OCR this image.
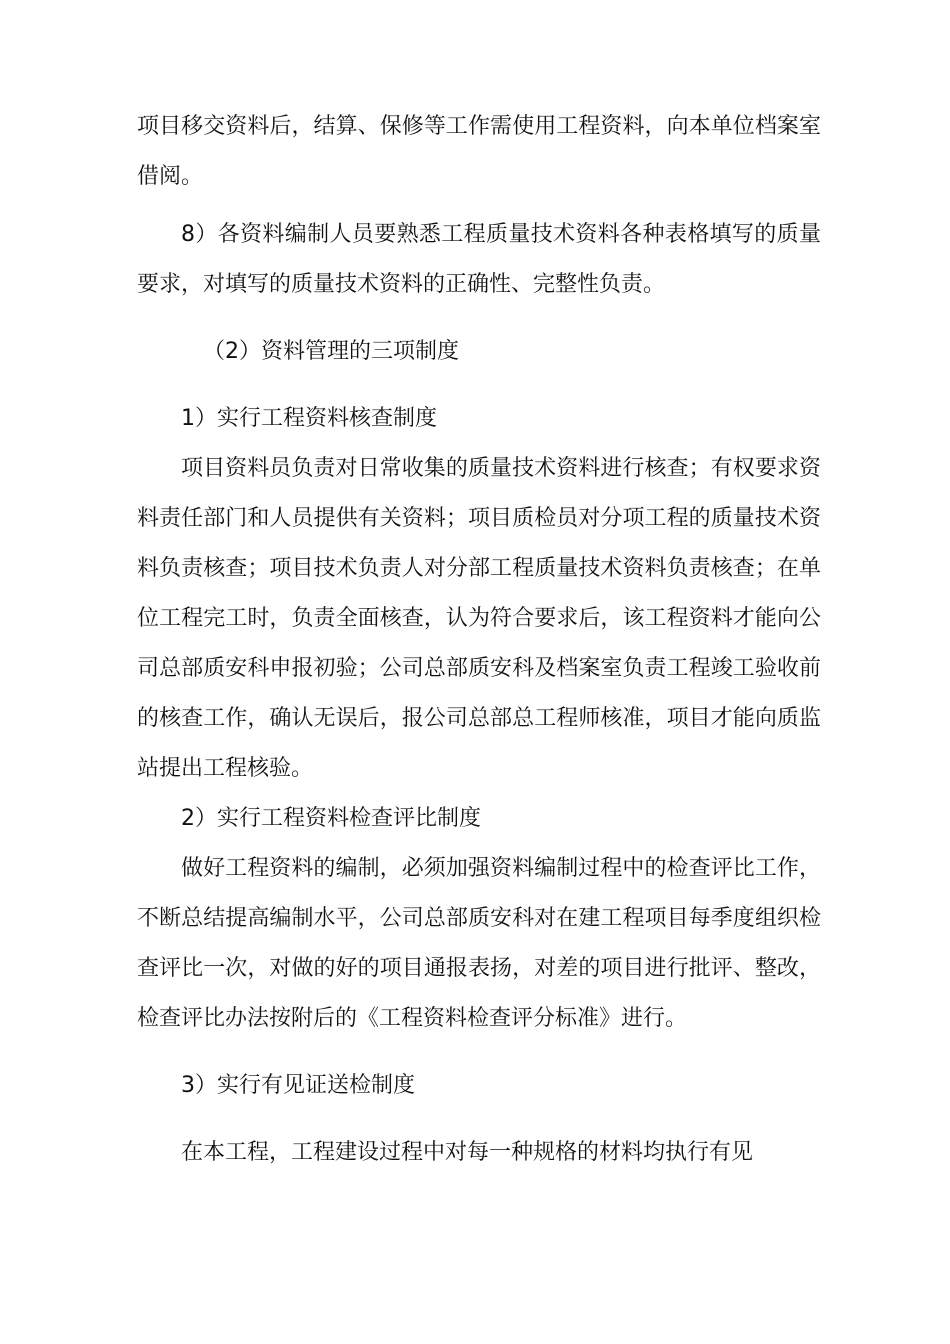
项目移交资料后，结算、保修等工作需使用工程资料，向本单位档案室借阅。

8）各资料编制人员要熟悉工程质量技术资料各种表格填写的质量要求，对填写的质量技术资料的正确性、完整性负责。

（2）资料管理的三项制度

1）实行工程资料核查制度

项目资料员负责对日常收集的质量技术资料进行核查；有权要求资料责任部门和人员提供有关资料；项目质检员对分项工程的质量技术资料负责核查；项目技术负责人对分部工程质量技术资料负责核查；在单位工程完工时，负责全面核查，认为符合要求后，该工程资料才能向公司总部质安科申报初验；公司总部质安科及档案室负责工程竣工验收前的核查工作，确认无误后，报公司总部总工程师核准，项目才能向质监站提出工程核验。

2）实行工程资料检查评比制度

做好工程资料的编制，必须加强资料编制过程中的检查评比工作，不断总结提高编制水平，公司总部质安科对在建工程项目每季度组织检查评比一次，对做的好的项目通报表扬，对差的项目进行批评、整改，检查评比办法按附后的《工程资料检查评分标准》进行。

3）实行有见证送检制度

在本工程，工程建设过程中对每一种规格的材料均执行有见
